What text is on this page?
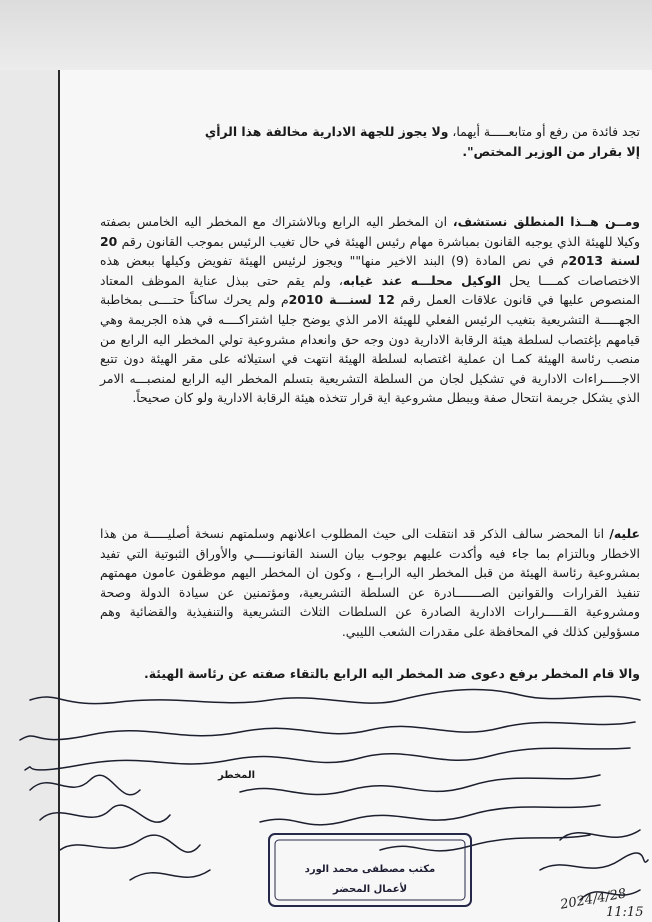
تجد فائدة من رفع أو متابعـــــة أيهما، ولا يجوز للجهة الادارية مخالفة هذا الرأي

إلا بقرار من الوزير المختص".

ومــن هــذا المنطلق نستشف، ان المخطر اليه الرابع وبالاشتراك مع المخطر اليه الخامس بصفته وكيلا للهيئة الذي يوجبه القانون بمباشرة مهام رئيس الهيئة في حال تغيب الرئيس بموجب القانون رقم 20 لسنة 2013م في نص المادة (9) البند الاخير منها"" ويجوز لرئيس الهيئة تفويض وكيلها ببعض هذه الاختصاصات كمــــا يحل الوكيل محلـــه عند غيابه، ولم يقم حتى ببذل عناية الموظف المعتاد المنصوص عليها في قانون علاقات العمل رقم 12 لسنـــة 2010م ولم يحرك ساكناً حتــــى بمخاطبة الجهـــــة التشريعية بتغيب الرئيس الفعلي للهيئة الامر الذي يوضح جليا اشتراكــــه في هذه الجريمة وهي قيامهم بإغتصاب لسلطة هيئة الرقابة الادارية دون وجه حق وانعدام مشروعية تولي المخطر اليه الرابع من منصب رئاسة الهيئة كمـا ان عملية اغتصابه لسلطة الهيئة انتهت في استيلائه على مقر الهيئة دون تتبع الاجـــــراءات الادارية في تشكيل لجان من السلطة التشريعية بتسلم المخطر اليه الرابع لمنصبـــه الامر الذي يشكل جريمة انتحال صفة ويبطل مشروعية اية قرار تتخذه هيئة الرقابة الادارية ولو كان صحيحاً.

عليه/ انا المحضر سالف الذكر قد انتقلت الى حيث المطلوب اعلانهم وسلمتهم نسخة أصليـــــة من هذا الاخطار وبالتزام بما جاء فيه وأكدت عليهم بوجوب بيان السند القانونـــــي والأوراق الثبوتية التي تفيد بمشروعية رئاسة الهيئة من قبل المخطر اليه الرابــع ، وكون ان المخطر اليهم موظفون عامون مهمتهم تنفيذ القرارات والقوانين الصـــــــادرة عن السلطة التشريعية، ومؤتمنين عن سيادة الدولة وصحة ومشروعية القـــــرارات الادارية الصادرة عن السلطات الثلاث التشريعية والتنفيذية والقضائية وهم مسؤولين كذلك في المحافظة على مقدرات الشعب الليبي.

والا قام المخطر برفع دعوى ضد المخطر اليه الرابع بالتقاء صفته عن رئاسة الهيئة.

المخطر
مكتب مصطفى محمد الورد
لأعمال المحضر	2024/4/28
11:15
